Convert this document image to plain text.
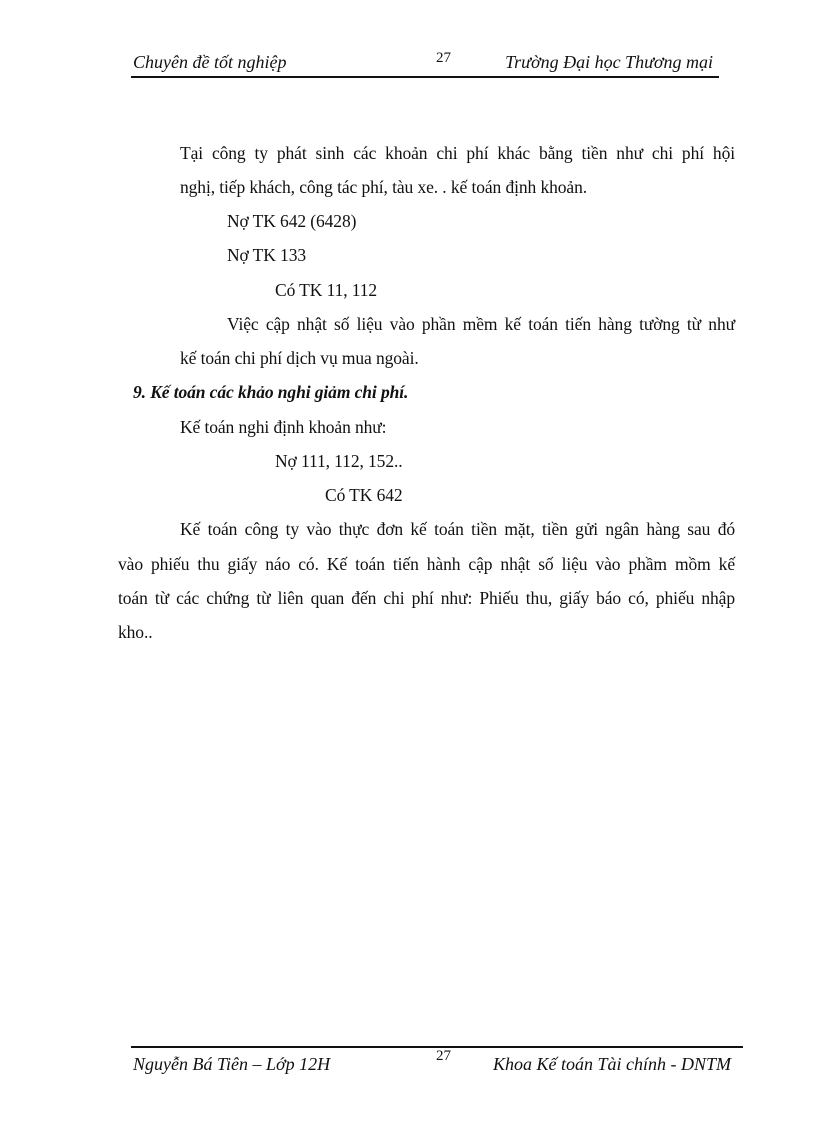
Chuyên đề tốt nghiệp	27	Trường Đại học Thương mại
Tại công ty phát sinh các khoản chi phí khác bằng tiền như chi phí hội
nghị, tiếp khách, công tác phí, tàu xe. . kế toán định khoản.
Nợ TK 642 (6428)
Nợ TK 133
Có TK 11, 112
Việc cập nhật số liệu vào phần mềm kế toán tiến hàng tường từ như
kế toán chi phí dịch vụ mua ngoài.
9. Kế toán các khảo nghi giảm chi phí.
Kế toán nghi định khoản như:
Nợ 111, 112, 152..
Có TK 642
Kế toán công ty vào thực đơn kế toán tiền mặt, tiền gửi ngân hàng sau đó
vào phiếu thu giấy náo có. Kế toán tiến hành cập nhật số liệu vào phầm mồm kế
toán từ các chứng từ liên quan đến chi phí như: Phiếu thu, giấy báo có, phiếu nhập
kho..
Nguyễn Bá Tiên – Lớp 12H	27 Khoa Kế toán Tài chính - DNTM
